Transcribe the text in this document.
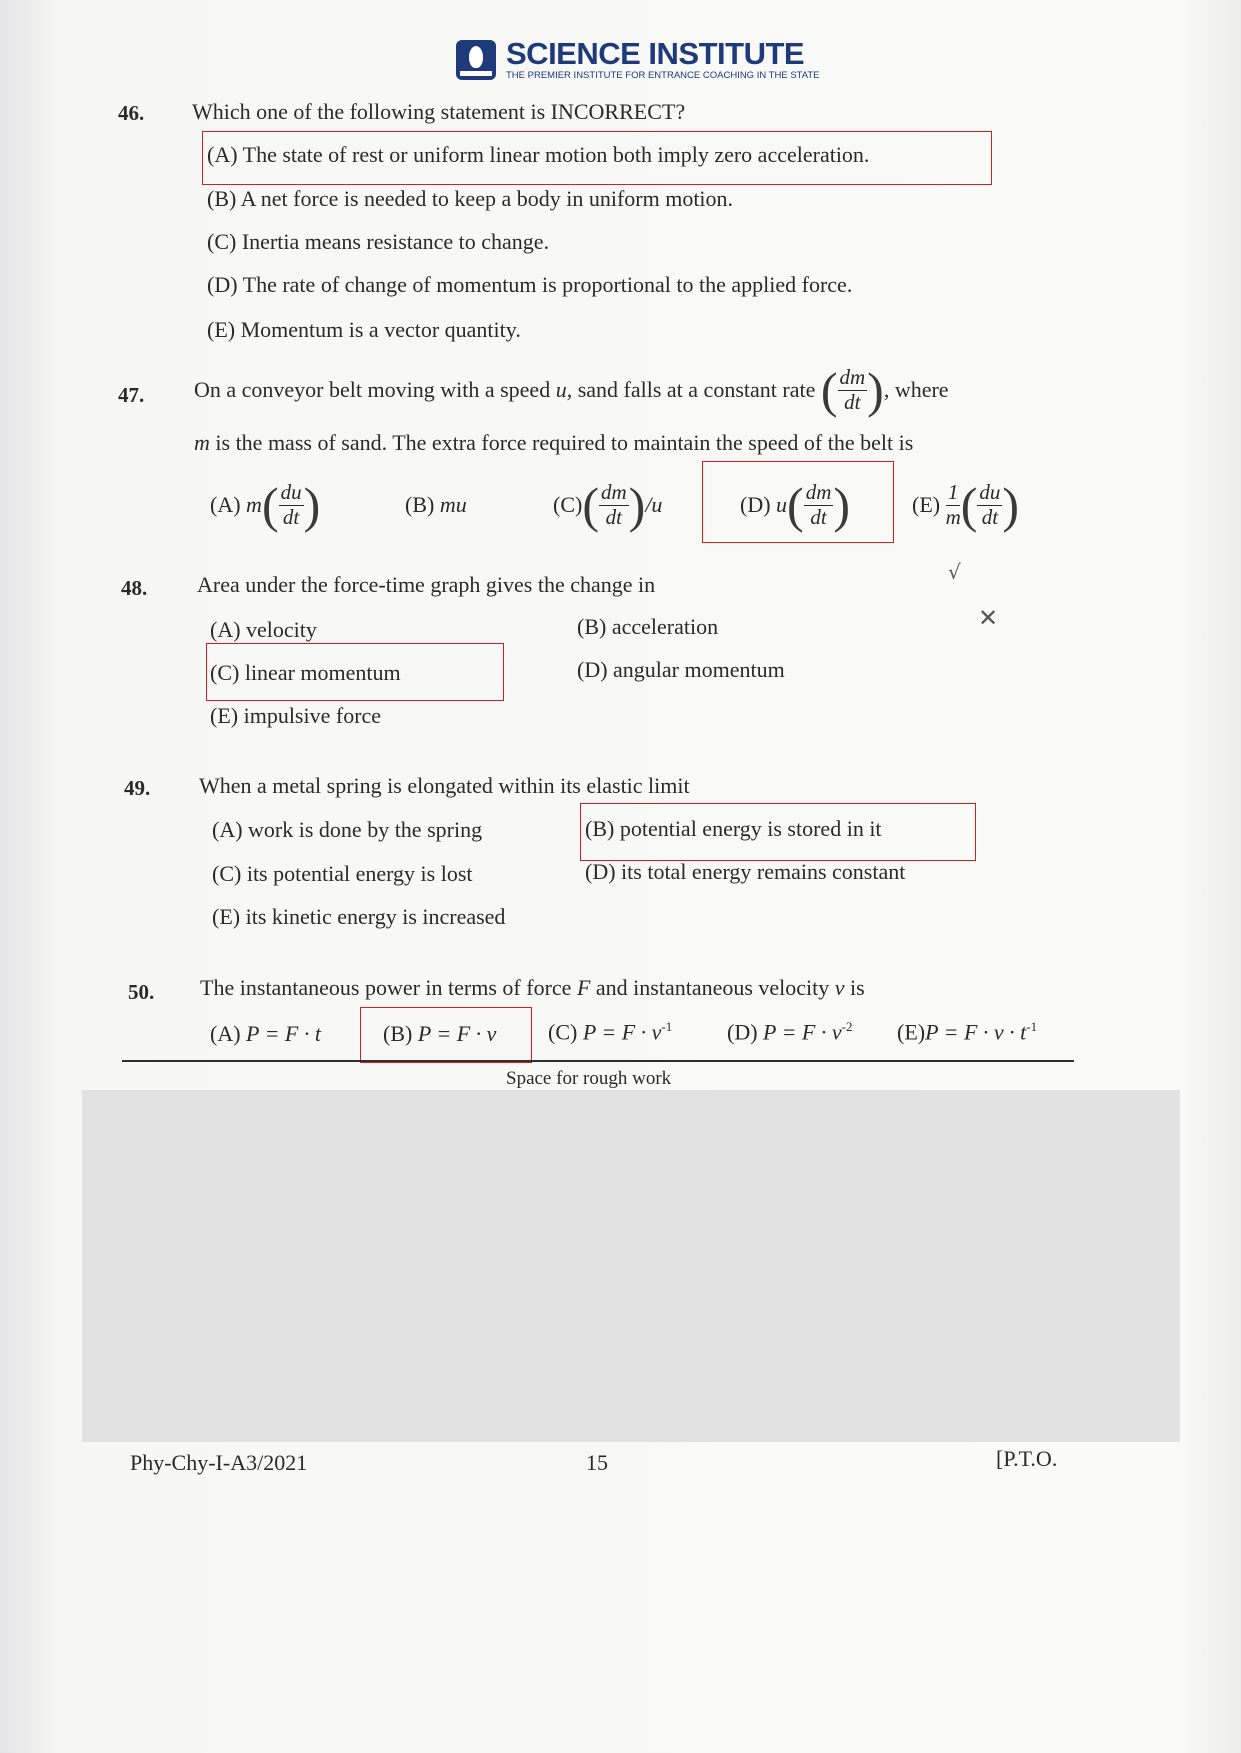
SCIENCE INSTITUTE
THE PREMIER INSTITUTE FOR ENTRANCE COACHING IN THE STATE
46. Which one of the following statement is INCORRECT?
(A) The state of rest or uniform linear motion both imply zero acceleration.
(B) A net force is needed to keep a body in uniform motion.
(C) Inertia means resistance to change.
(D) The rate of change of momentum is proportional to the applied force.
(E) Momentum is a vector quantity.
47. On a conveyor belt moving with a speed
u , sand falls at a constant rate
( $\frac{dm}{dt}$ ) , where
m is the mass of sand. The extra force required to maintain the speed of the belt is
(A)
m ( $\frac{du}{dt}$ )	(B) mu	(C) ( $\frac{dm}{dt}$ ) /u	(D)
u ( $\frac{dm}{dt}$ )	(E)
$\frac{1}{m}$ ( $\frac{du}{dt}$ )
48. Area under the force-time graph gives the change in
(A) velocity	(B) acceleration
(C) linear momentum	(D) angular momentum
(E) impulsive force
49. When a metal spring is elongated within its elastic limit
(A) work is done by the spring	(B) potential energy is stored in it
(C) its potential energy is lost	(D) its total energy remains constant
(E) its kinetic energy is increased
50. The instantaneous power in terms of force F and instantaneous velocity v is
(A) P = F · t	(B) P = F · v (C) $P = F \cdot v^{-1}$ (D) $P = F \cdot v^{-2}$ $(E)P = F \cdot v \cdot t^{-1}$
√
✕
Space for rough work
Phy-Chy-I-A3/2021	15	[P.T.O.
